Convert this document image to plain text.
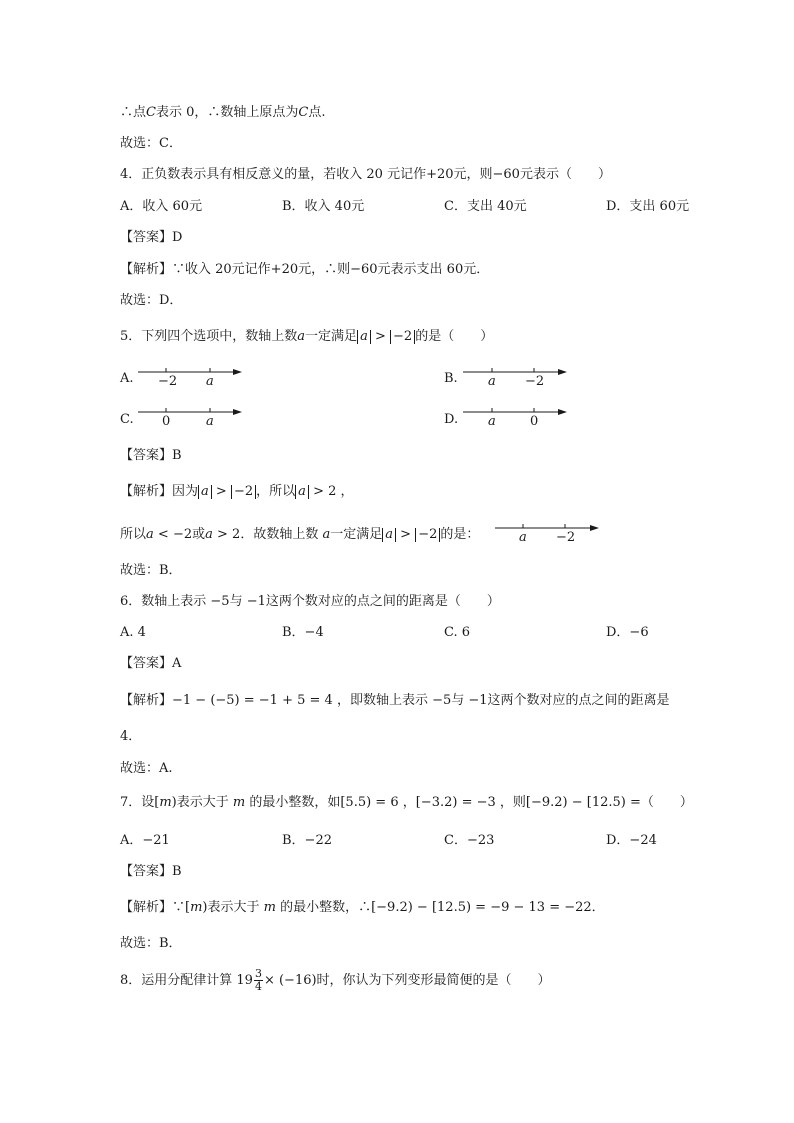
∴点C表示 0，∴数轴上原点为C点.
故选：C．
4．正负数表示具有相反意义的量，若收入 20 元记作+20元，则−60元表示（　　）
A．收入 60元	B．收入 40元	C．支出 40元	D．支出 60元
【答案】D
【解析】∵收入 20元记作+20元，∴则−60元表示支出 60元．
故选：D．
5．下列四个选项中，数轴上数a一定满足 a > −2 的是（　　）
A. −2 a	B. a −2
C. 0	a	D. a	0
【答案】B
【解析】因为 a > −2 ，所以 a > 2 ，
所以a < −2或a > 2．故数轴上数 a一定满足 a > −2 的是：	a −2
故选：B．
6．数轴上表示 −5与 −1这两个数对应的点之间的距离是（　　）
A. 4	B．−4	C. 6	D．−6
【答案】A
【解析】−1 − (−5) = −1 + 5 = 4 ，即数轴上表示 −5与 −1这两个数对应的点之间的距离是
4．
故选：A.
7．设[m)表示大于 m 的最小整数，如[5.5) = 6 ，[−3.2) = −3 ，则[−9.2) − [12.5) =（　　）
A．−21	B．−22	C．−23	D．−24
【答案】B
【解析】∵[m)表示大于 m 的最小整数，∴[−9.2) − [12.5) = −9 − 13 = −22．
故选：B．
8．运用分配律计算 $19 \frac{3}{4} \times (-16)$时，你认为下列变形最简便的是（　　）
